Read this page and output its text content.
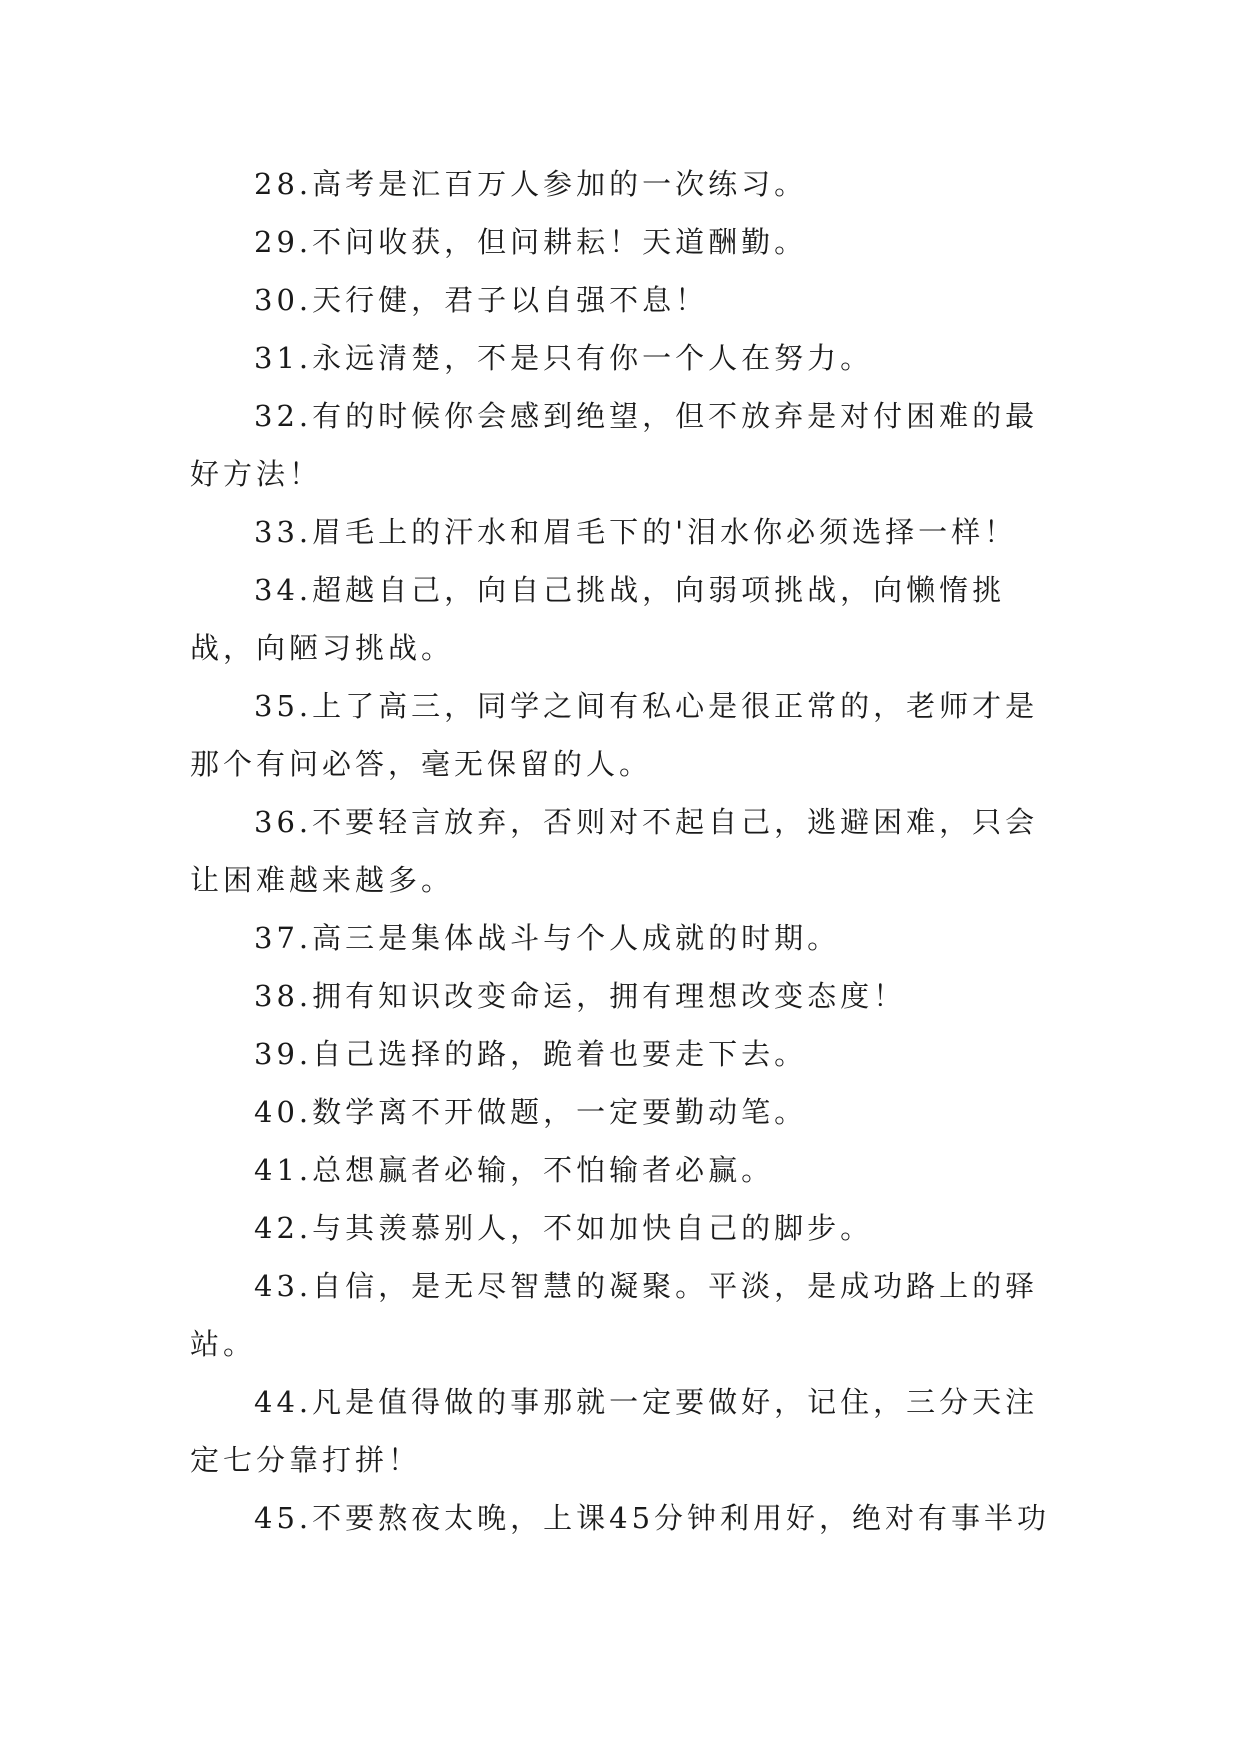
28.高考是汇百万人参加的一次练习。

29.不问收获，但问耕耘！天道酬勤。

30.天行健，君子以自强不息！

31.永远清楚，不是只有你一个人在努力。

32.有的时候你会感到绝望，但不放弃是对付困难的最好方法！

33.眉毛上的汗水和眉毛下的'泪水你必须选择一样！

34.超越自己，向自己挑战，向弱项挑战，向懒惰挑战，向陋习挑战。

35.上了高三，同学之间有私心是很正常的，老师才是那个有问必答，毫无保留的人。

36.不要轻言放弃，否则对不起自己，逃避困难，只会让困难越来越多。

37.高三是集体战斗与个人成就的时期。

38.拥有知识改变命运，拥有理想改变态度！

39.自己选择的路，跪着也要走下去。

40.数学离不开做题，一定要勤动笔。

41.总想赢者必输，不怕输者必赢。

42.与其羡慕别人，不如加快自己的脚步。

43.自信，是无尽智慧的凝聚。平淡，是成功路上的驿站。

44.凡是值得做的事那就一定要做好，记住，三分天注定七分靠打拼！

45.不要熬夜太晚，上课45分钟利用好，绝对有事半功
